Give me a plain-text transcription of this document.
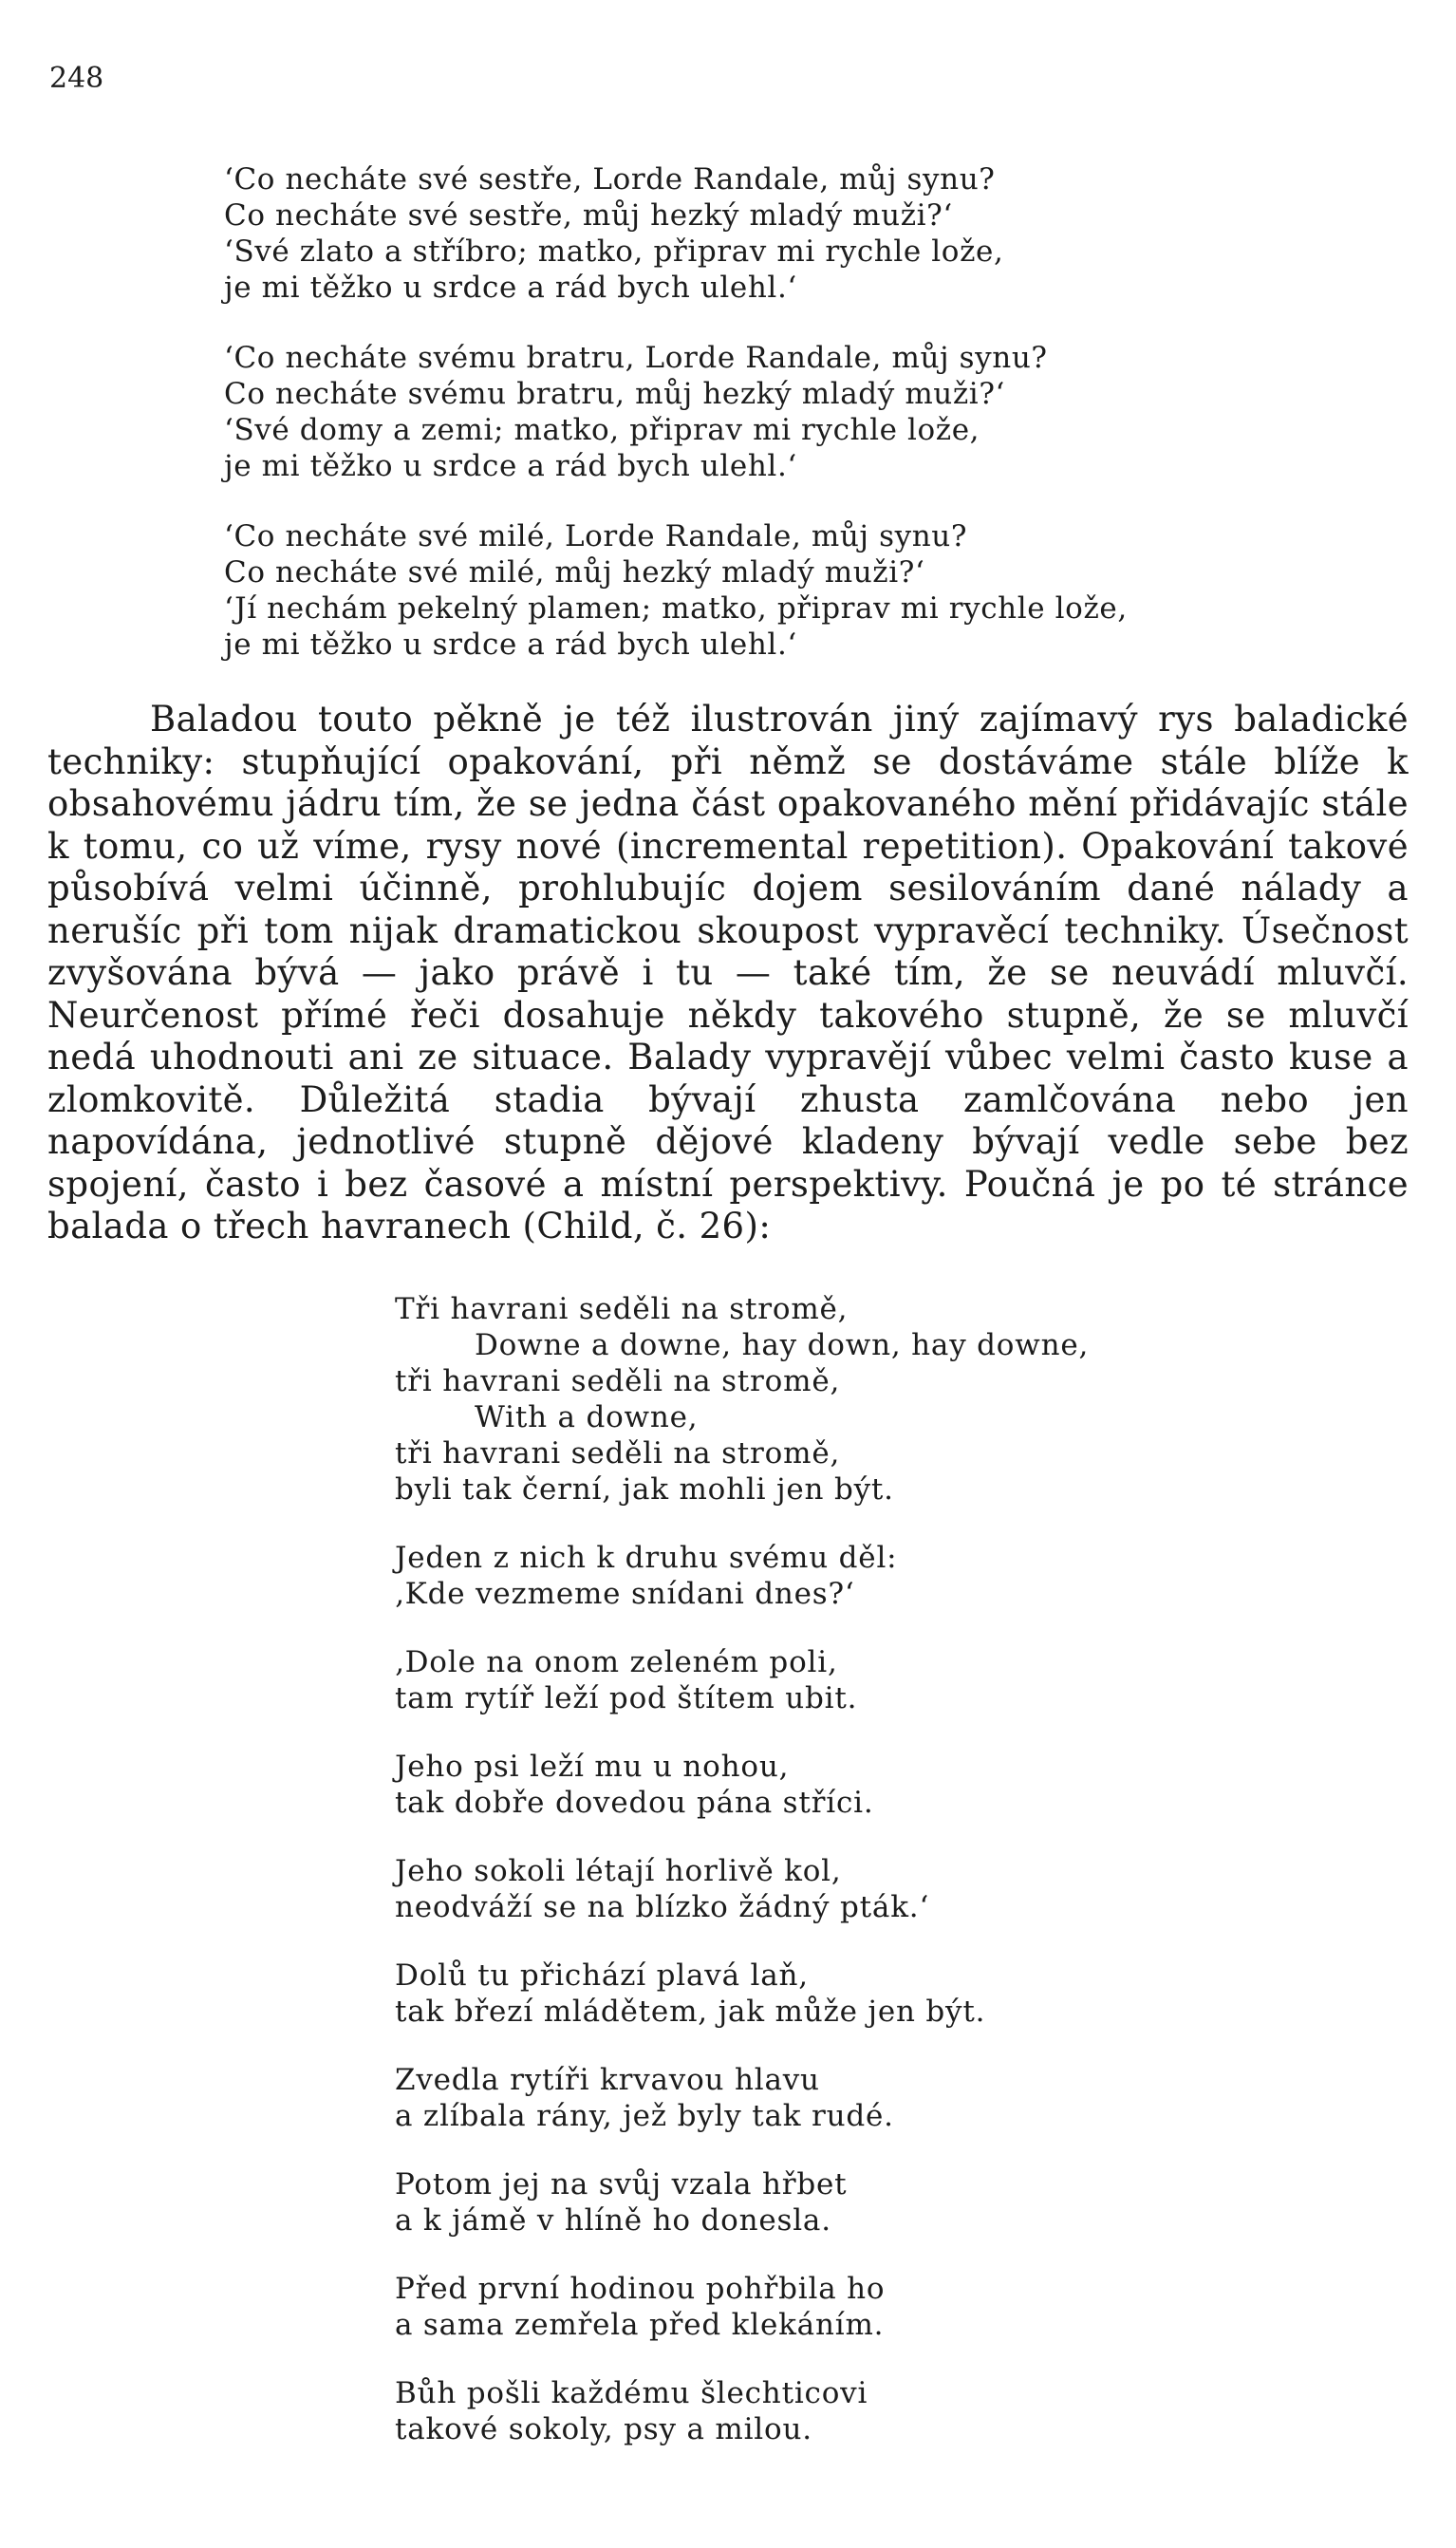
248
‘Co necháte své sestře, Lorde Randale, můj synu?
Co necháte své sestře, můj hezký mladý muži?‘
‘Své zlato a stříbro; matko, připrav mi rychle lože,
je mi těžko u srdce a rád bych ulehl.‘
‘Co necháte svému bratru, Lorde Randale, můj synu?
Co necháte svému bratru, můj hezký mladý muži?‘
‘Své domy a zemi; matko, připrav mi rychle lože,
je mi těžko u srdce a rád bych ulehl.‘
‘Co necháte své milé, Lorde Randale, můj synu?
Co necháte své milé, můj hezký mladý muži?‘
‘Jí nechám pekelný plamen; matko, připrav mi rychle lože,
je mi těžko u srdce a rád bych ulehl.‘

Baladou touto pěkně je též ilustrován jiný zajímavý rys baladické techniky: stupňující opakování, při němž se dostáváme stále blíže k obsahovému jádru tím, že se jedna část opakovaného mění přidávajíc stále k tomu, co už víme, rysy nové (incremental repetition). Opakování takové působívá velmi účinně, prohlubujíc dojem sesilováním dané nálady a nerušíc při tom nijak dramatickou skoupost vypravěcí techniky. Úsečnost zvyšována bývá — jako právě i tu — také tím, že se neuvádí mluvčí. Neurčenost přímé řeči dosahuje někdy takového stupně, že se mluvčí nedá uhodnouti ani ze situace. Balady vypravějí vůbec velmi často kuse a zlomkovitě. Důležitá stadia bývají zhusta zamlčována nebo jen napovídána, jednotlivé stupně dějové kladeny bývají vedle sebe bez spojení, často i bez časové a místní perspektivy. Poučná je po té stránce balada o třech havranech (Child, č. 26):

Tři havrani seděli na stromě,
Downe a downe, hay down, hay downe,
tři havrani seděli na stromě,
With a downe,
tři havrani seděli na stromě,
byli tak černí, jak mohli jen být.
Jeden z nich k druhu svému děl:
‚Kde vezmeme snídani dnes?‘
‚Dole na onom zeleném poli,
tam rytíř leží pod štítem ubit.
Jeho psi leží mu u nohou,
tak dobře dovedou pána stříci.
Jeho sokoli létají horlivě kol,
neodváží se na blízko žádný pták.‘
Dolů tu přichází plavá laň,
tak březí mládětem, jak může jen být.
Zvedla rytíři krvavou hlavu
a zlíbala rány, jež byly tak rudé.
Potom jej na svůj vzala hřbet
a k jámě v hlíně ho donesla.
Před první hodinou pohřbila ho
a sama zemřela před klekáním.
Bůh pošli každému šlechticovi
takové sokoly, psy a milou.
